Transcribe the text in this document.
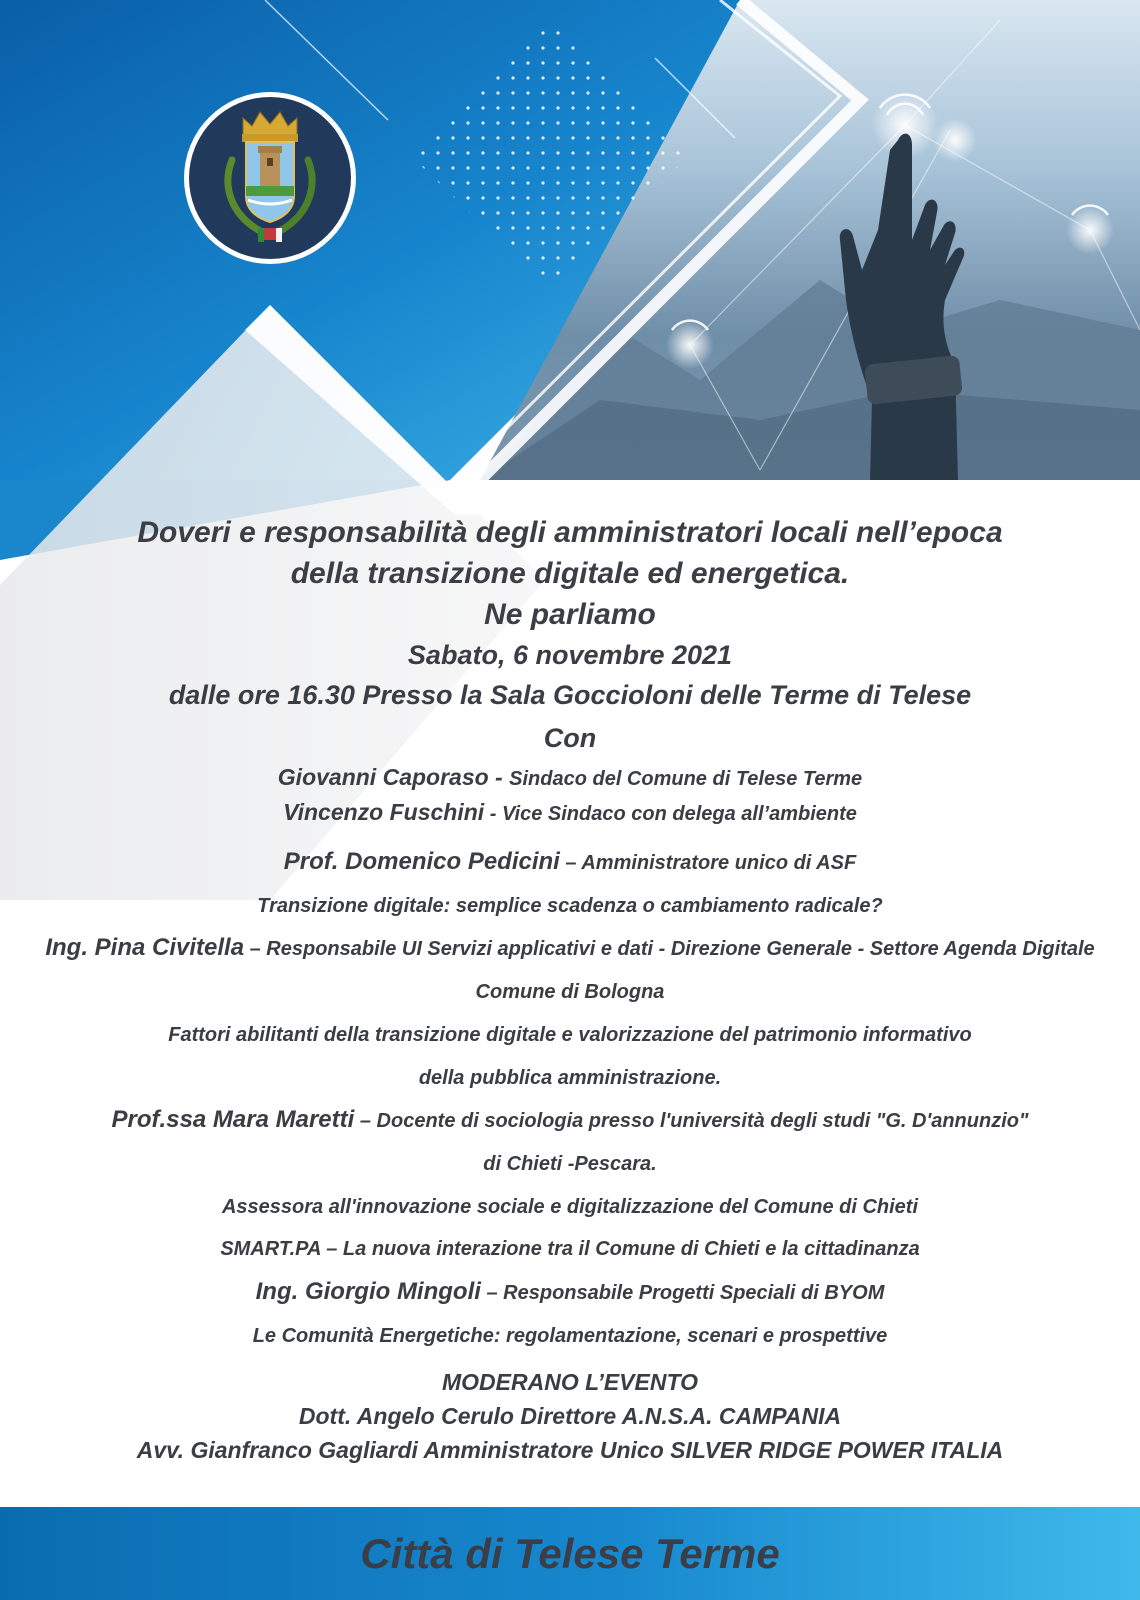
Doveri e responsabilità degli amministratori locali nell’epoca
della transizione digitale ed energetica.
Ne parliamo
Sabato, 6 novembre 2021
dalle ore 16.30 Presso la Sala Goccioloni delle Terme di Telese
Con
Giovanni Caporaso - Sindaco del Comune di Telese Terme
Vincenzo Fuschini - Vice Sindaco con delega all’ambiente
Prof. Domenico Pedicini – Amministratore unico di ASF
Transizione digitale: semplice scadenza o cambiamento radicale?
Ing. Pina Civitella – Responsabile UI Servizi applicativi e dati - Direzione Generale - Settore Agenda Digitale
Comune di Bologna
Fattori abilitanti della transizione digitale e valorizzazione del patrimonio informativo
della pubblica amministrazione.
Prof.ssa Mara Maretti – Docente di sociologia presso l'università degli studi "G. D'annunzio"
di Chieti -Pescara.
Assessora all'innovazione sociale e digitalizzazione del Comune di Chieti
SMART.PA – La nuova interazione tra il Comune di Chieti e la cittadinanza
Ing. Giorgio Mingoli – Responsabile Progetti Speciali di BYOM
Le Comunità Energetiche: regolamentazione, scenari e prospettive
MODERANO L’EVENTO
Dott. Angelo Cerulo Direttore A.N.S.A. CAMPANIA
Avv. Gianfranco Gagliardi Amministratore Unico SILVER RIDGE POWER ITALIA
Città di Telese Terme
